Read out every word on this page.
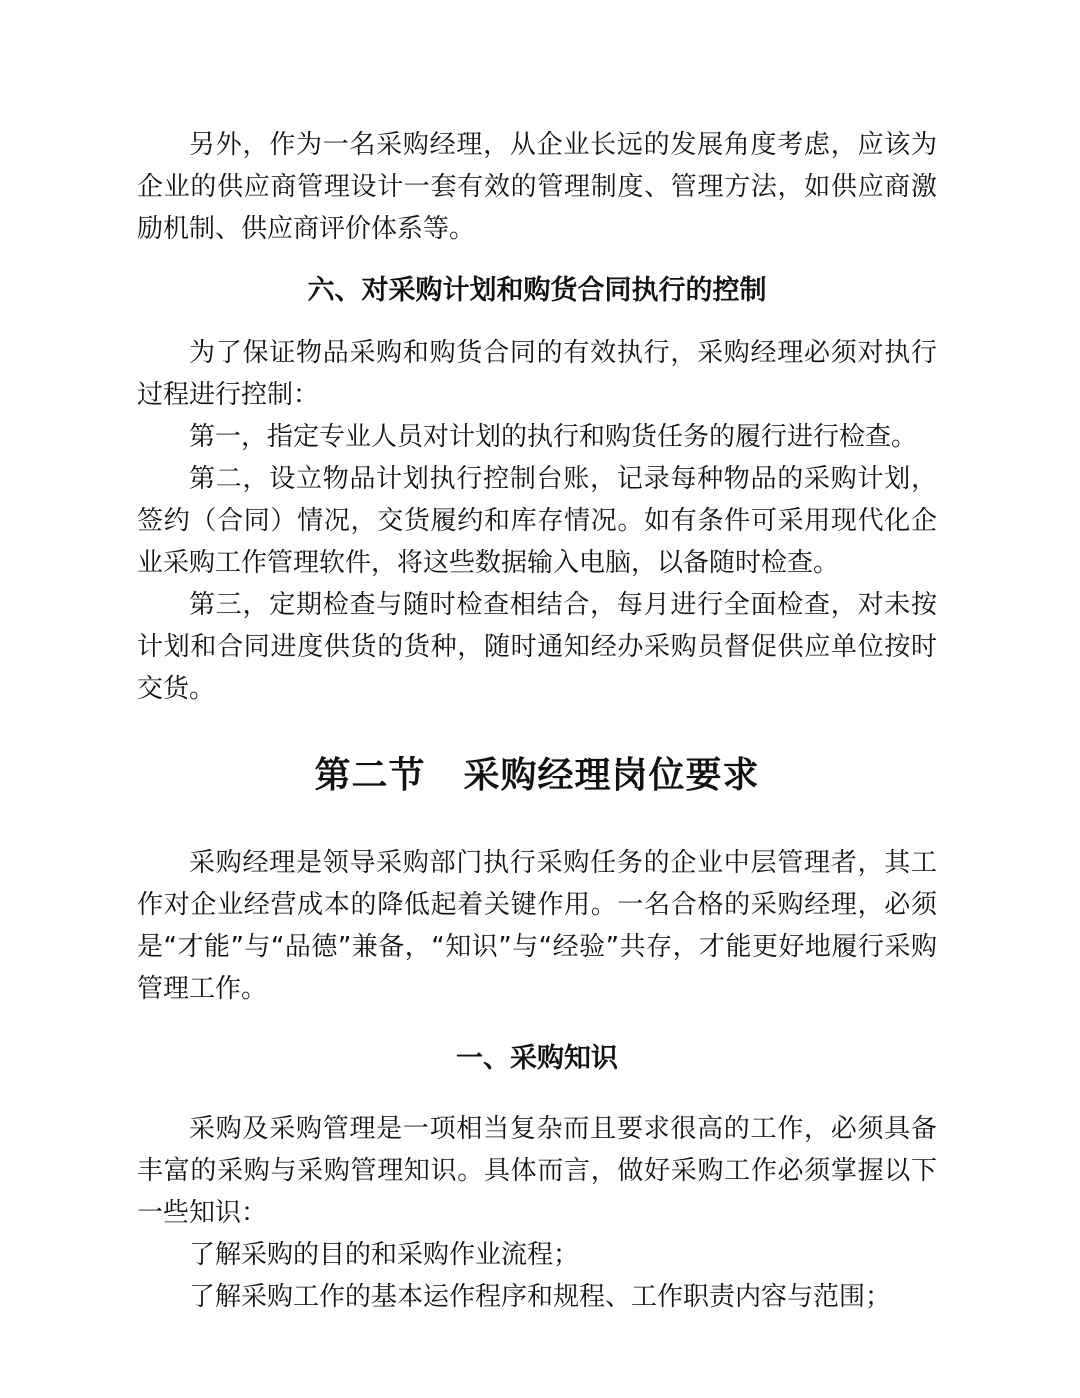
另外，作为一名采购经理，从企业长远的发展角度考虑，应该为企业的供应商管理设计一套有效的管理制度、管理方法，如供应商激励机制、供应商评价体系等。

六、对采购计划和购货合同执行的控制

为了保证物品采购和购货合同的有效执行，采购经理必须对执行过程进行控制：

第一，指定专业人员对计划的执行和购货任务的履行进行检查。

第二，设立物品计划执行控制台账，记录每种物品的采购计划，签约（合同）情况，交货履约和库存情况。如有条件可采用现代化企业采购工作管理软件，将这些数据输入电脑，以备随时检查。

第三，定期检查与随时检查相结合，每月进行全面检查，对未按计划和合同进度供货的货种，随时通知经办采购员督促供应单位按时交货。

第二节 采购经理岗位要求

采购经理是领导采购部门执行采购任务的企业中层管理者，其工作对企业经营成本的降低起着关键作用。一名合格的采购经理，必须是“才能”与“品德”兼备，“知识”与“经验”共存，才能更好地履行采购管理工作。

一、采购知识

采购及采购管理是一项相当复杂而且要求很高的工作，必须具备丰富的采购与采购管理知识。具体而言，做好采购工作必须掌握以下一些知识：

了解采购的目的和采购作业流程；

了解采购工作的基本运作程序和规程、工作职责内容与范围；
